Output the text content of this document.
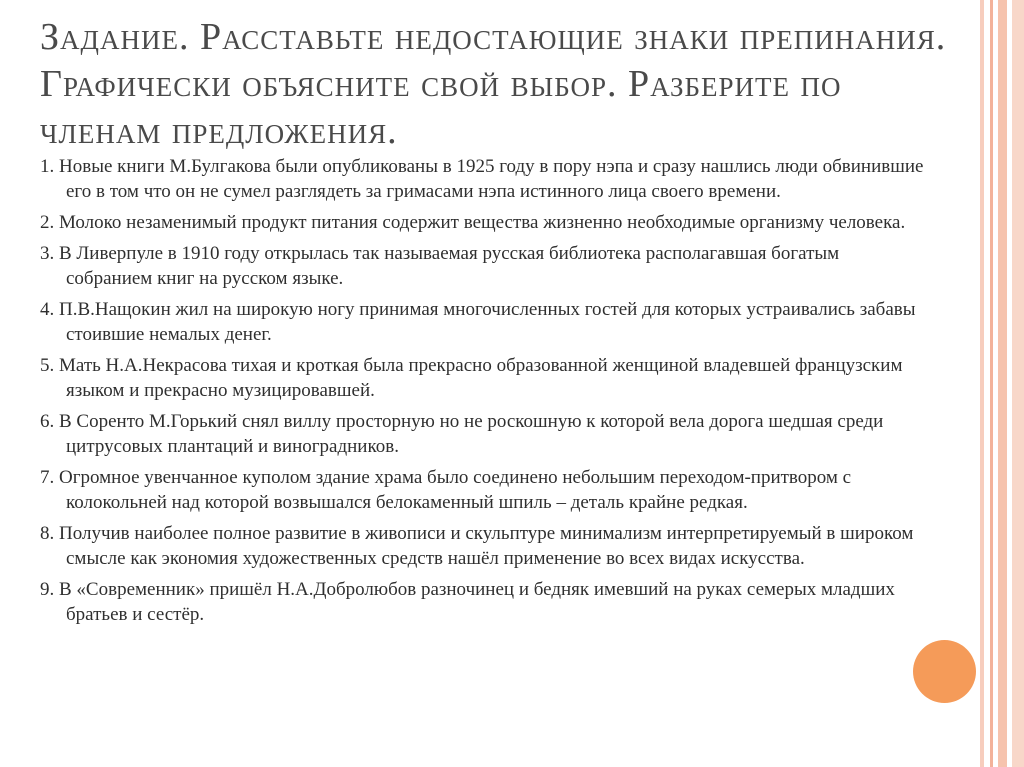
Задание. Расставьте недостающие знаки препинания. Графически объясните свой выбор. Разберите по членам предложения.
1. Новые книги М.Булгакова были опубликованы в 1925 году в пору нэпа и сразу нашлись люди обвинившие его в том что он не сумел разглядеть за гримасами нэпа истинного лица своего времени.
2. Молоко незаменимый продукт питания содержит вещества жизненно необходимые организму человека.
3. В Ливерпуле в 1910 году открылась так называемая русская библиотека располагавшая богатым собранием книг на русском языке.
4. П.В.Нащокин жил на широкую ногу принимая многочисленных гостей для которых устраивались забавы стоившие немалых денег.
5. Мать Н.А.Некрасова тихая и кроткая была прекрасно образованной женщиной владевшей французским языком и прекрасно музицировавшей.
6. В Соренто М.Горький снял виллу просторную но не роскошную к которой вела дорога шедшая среди цитрусовых плантаций и виноградников.
7. Огромное увенчанное куполом здание храма было соединено небольшим переходом-притвором с колокольней над которой возвышался белокаменный шпиль – деталь крайне редкая.
8. Получив наиболее полное развитие в живописи и скульптуре минимализм интерпретируемый в широком смысле как экономия художественных средств нашёл применение во всех видах искусства.
9. В «Современник» пришёл Н.А.Добролюбов разночинец и бедняк имевший на руках семерых младших братьев и сестёр.
